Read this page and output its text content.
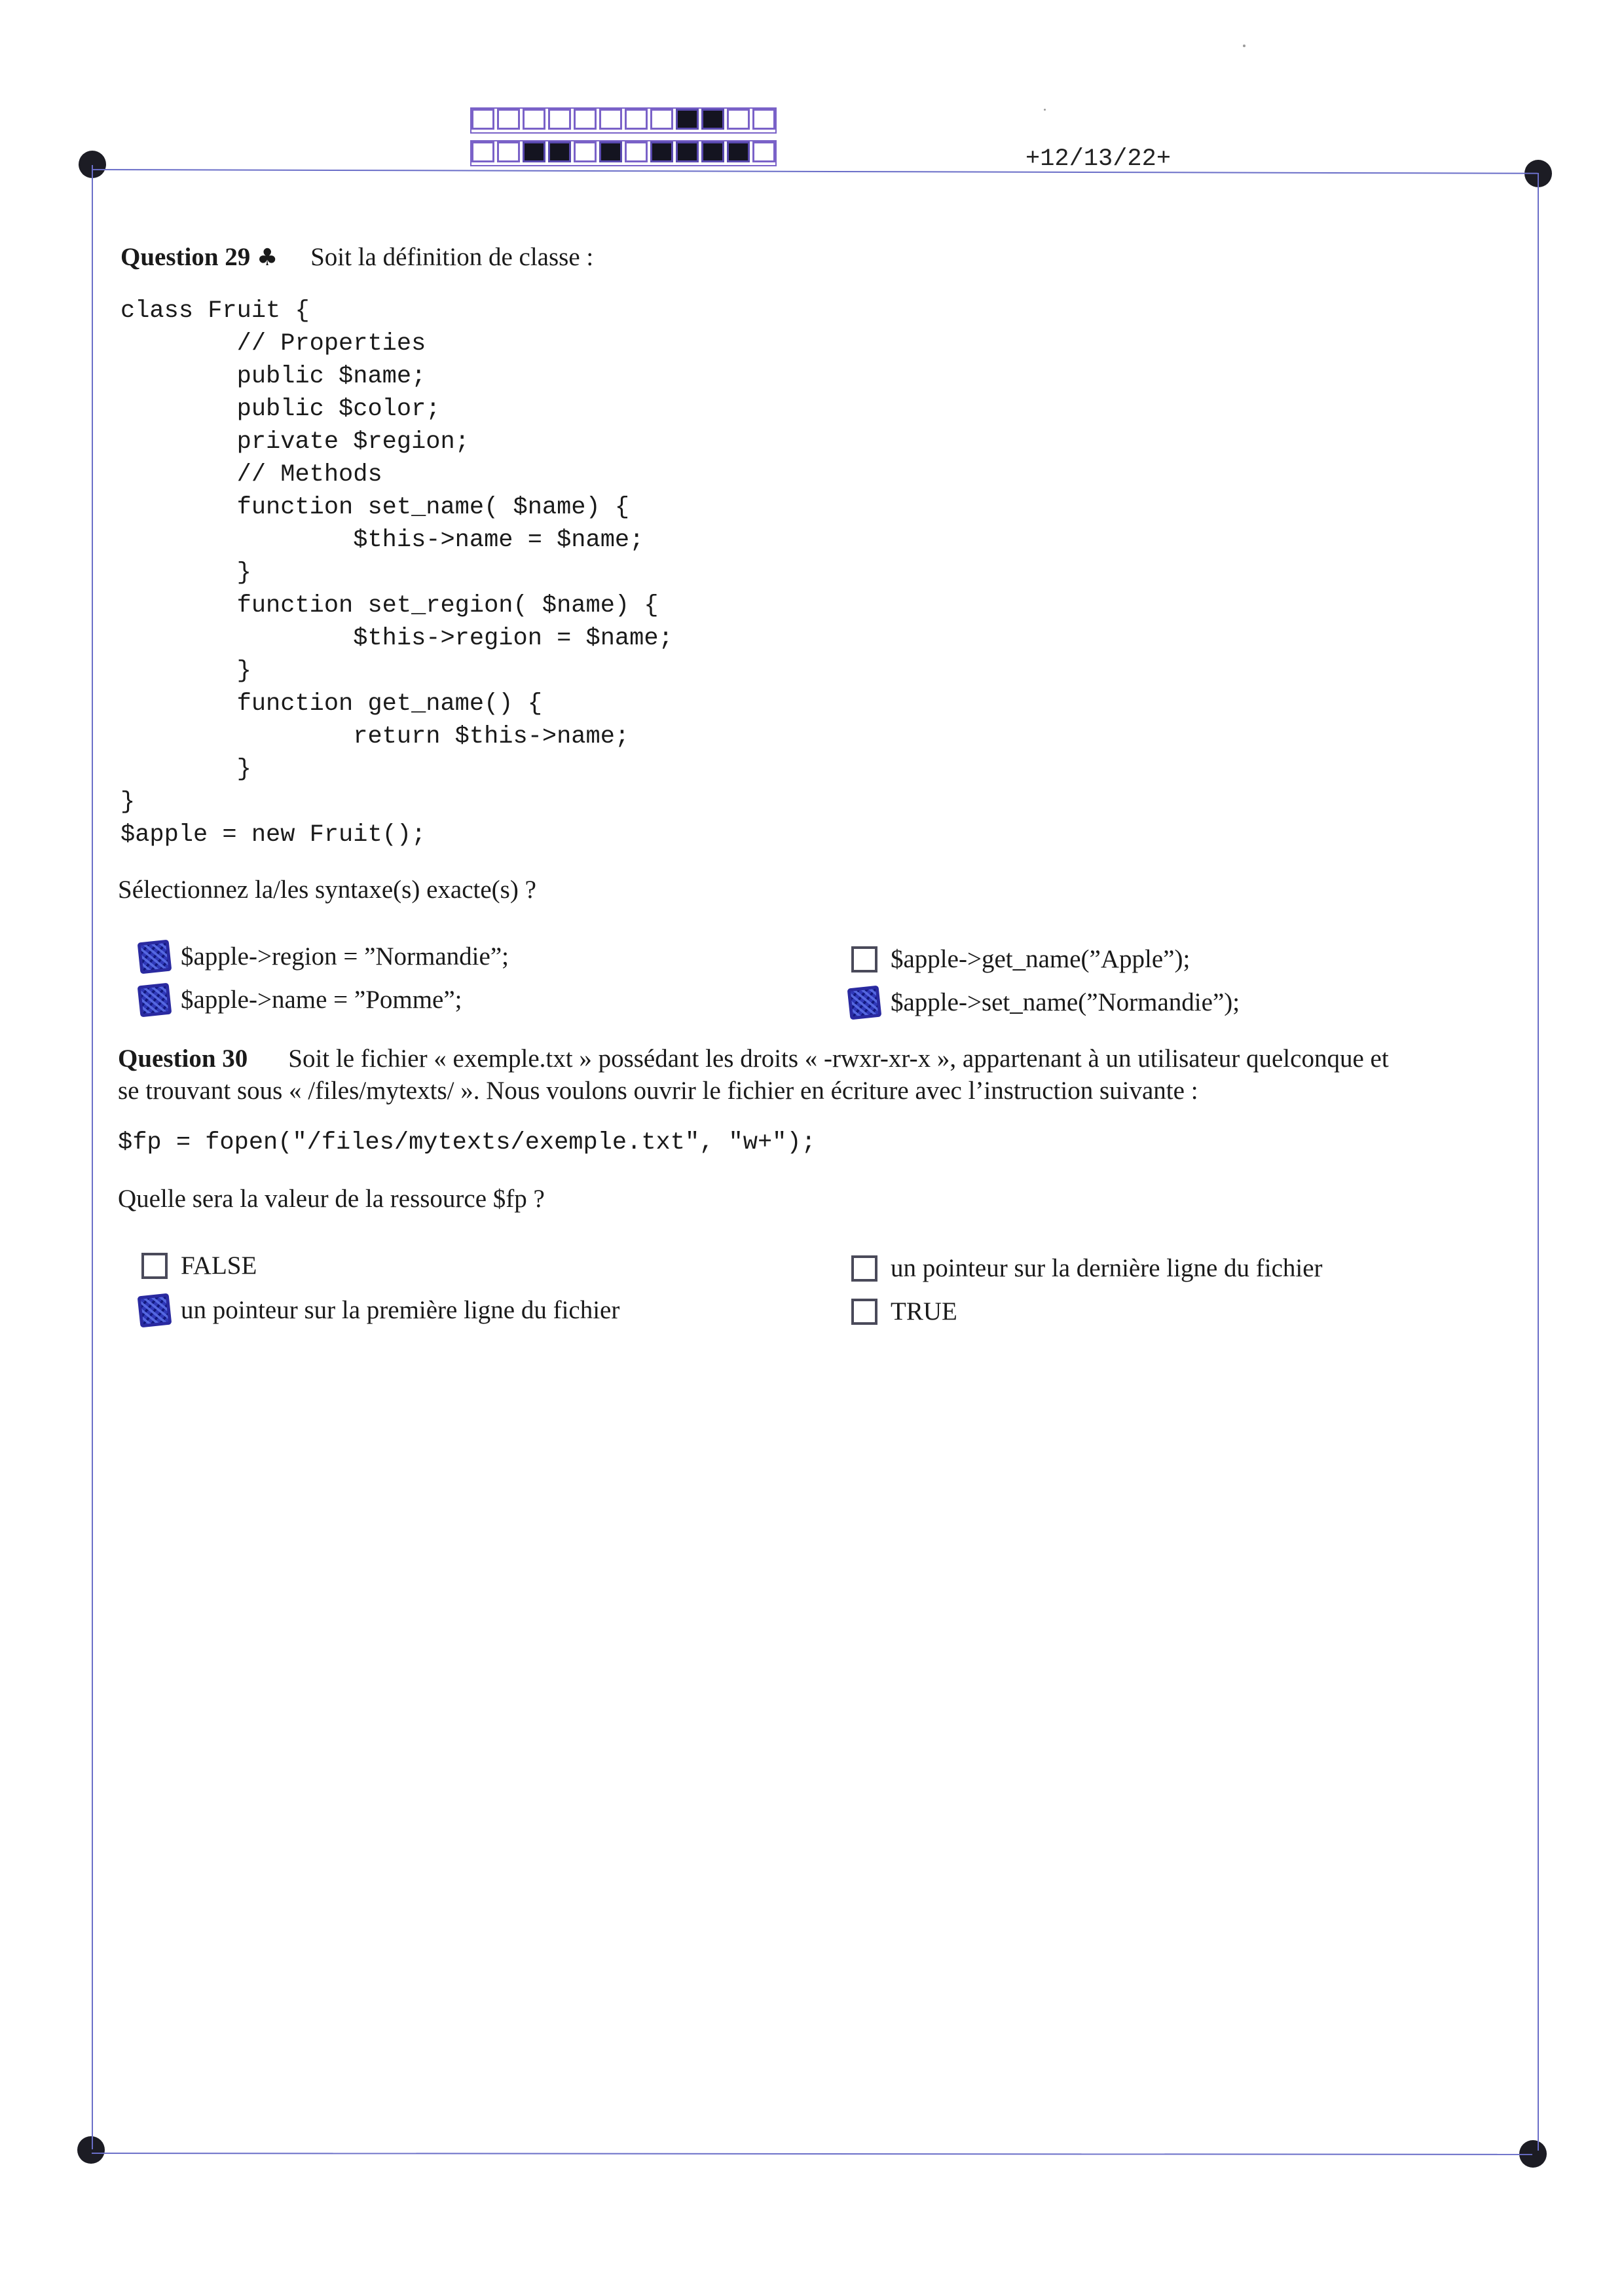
+12/13/22+
Question 29 ♣ Soit la définition de classe :
class Fruit {
// Properties
public $name;
public $color;
private $region;
// Methods
function set_name( $name) {
$this->name = $name;
}
function set_region( $name) {
$this->region = $name;
}
function get_name() {
return $this->name;
}
}
$apple = new Fruit();
Sélectionnez la/les syntaxe(s) exacte(s) ?
$apple->region = ”Normandie”;
$apple->name = ”Pomme”;
$apple->get_name(”Apple”);
$apple->set_name(”Normandie”);
Question 30 Soit le fichier « exemple.txt » possédant les droits « -rwxr-xr-x », appartenant à un utilisateur quelconque et
se trouvant sous « /files/mytexts/ ». Nous voulons ouvrir le fichier en écriture avec l’instruction suivante :
$fp = fopen("/files/mytexts/exemple.txt", "w+");
Quelle sera la valeur de la ressource $fp ?
FALSE
un pointeur sur la première ligne du fichier
un pointeur sur la dernière ligne du fichier
TRUE
